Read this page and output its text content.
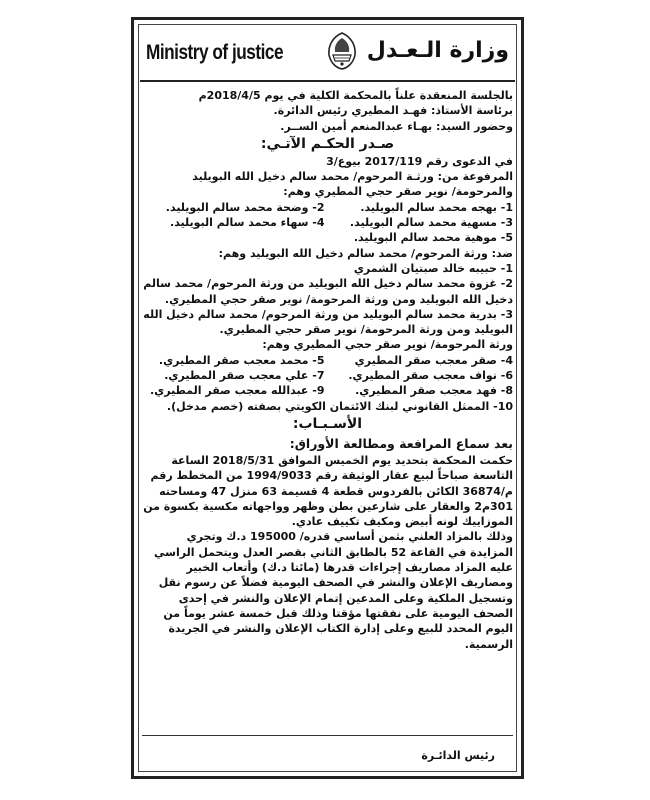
Ministry of justice	وزارة الـعـدل

بالجلسة المنعقدة علناً بالمحكمة الكلية في يوم 2018/4/5م

برئاسة الأستاذ: فهـد المطيري رئيس الدائرة.

وحضور السيد: بهـاء عبدالمنعم أمين الســر.

صـدر الحكـم الآتـي:

في الدعوى رقم 2017/119 بيوع/3

المرفوعة من: ورثـة المرحوم/ محمد سالم دخيل الله البويليد والمرحومة/ نوير صقر حجي المطيري وهم:

1- بهجه محمد سالم البويليد.

2- وضحة محمد سالم البويليد.

3- مسهية محمد سالم البويليد.

4- سهاء محمد سالم البويليد.

5- موهية محمد سالم البويليد.

ضد: ورثة المرحوم/ محمد سالم دخيل الله البويليد وهم:

1- حبيبه خالد صبتيان الشمري

2- غزوة محمد سالم دخيل الله البويليد من ورثة المرحوم/ محمد سالم دخيل الله البويليد ومن ورثة المرحومة/ نوير صقر حجي المطيري.

3- بدرية محمد سالم البويليد من ورثة المرحوم/ محمد سالم دخيل الله البويليد ومن ورثة المرحومة/ نوير صقر حجي المطيري.

ورثة المرحومة/ نوير صقر حجي المطيري وهم:

4- صقر معجب صقر المطيري

5- محمد معجب صقر المطيري.

6- نواف معجب صقر المطيري.

7- علي معجب صقر المطيري.

8- فهد معجب صقر المطيري.

9- عبدالله معجب صقر المطيري.

10- الممثل القانوني لبنك الائتمان الكويتي بصفته (خصم مدخل).

الأسـبـاب:

بعد سماع المرافعة ومطالعة الأوراق:

حكمت المحكمة بتحديد يوم الخميس الموافق 2018/5/31 الساعة التاسعة صباحاً لبيع عقار الوثيقة رقم 1994/9033 من المخطط رقم م/36874 الكائن بالفردوس قطعة 4 قسيمة 63 منزل 47 ومساحته 301م2 والعقار على شارعين بطن وظهر وواجهاته مكسية بكسوة من الموزاييك لونه أبيض ومكيف تكييف عادي.

وذلك بالمزاد العلني بثمن أساسي قدره/ 195000 د.ك وتجري المزايدة في القاعة 52 بالطابق الثاني بقصر العدل ويتحمل الراسي عليه المزاد مصاريف إجراءات قدرها (مائتا د.ك) وأتعاب الخبير ومصاريف الإعلان والنشر في الصحف اليومية فضلاً عن رسوم نقل وتسجيل الملكية وعلى المدعين إتمام الإعلان والنشر في إحدى الصحف اليومية على نفقتها مؤقتا وذلك قبل خمسة عشر يوماً من اليوم المحدد للبيع وعلى إدارة الكتاب الإعلان والنشر في الجريدة الرسمية.

رئيس الدائـرة
